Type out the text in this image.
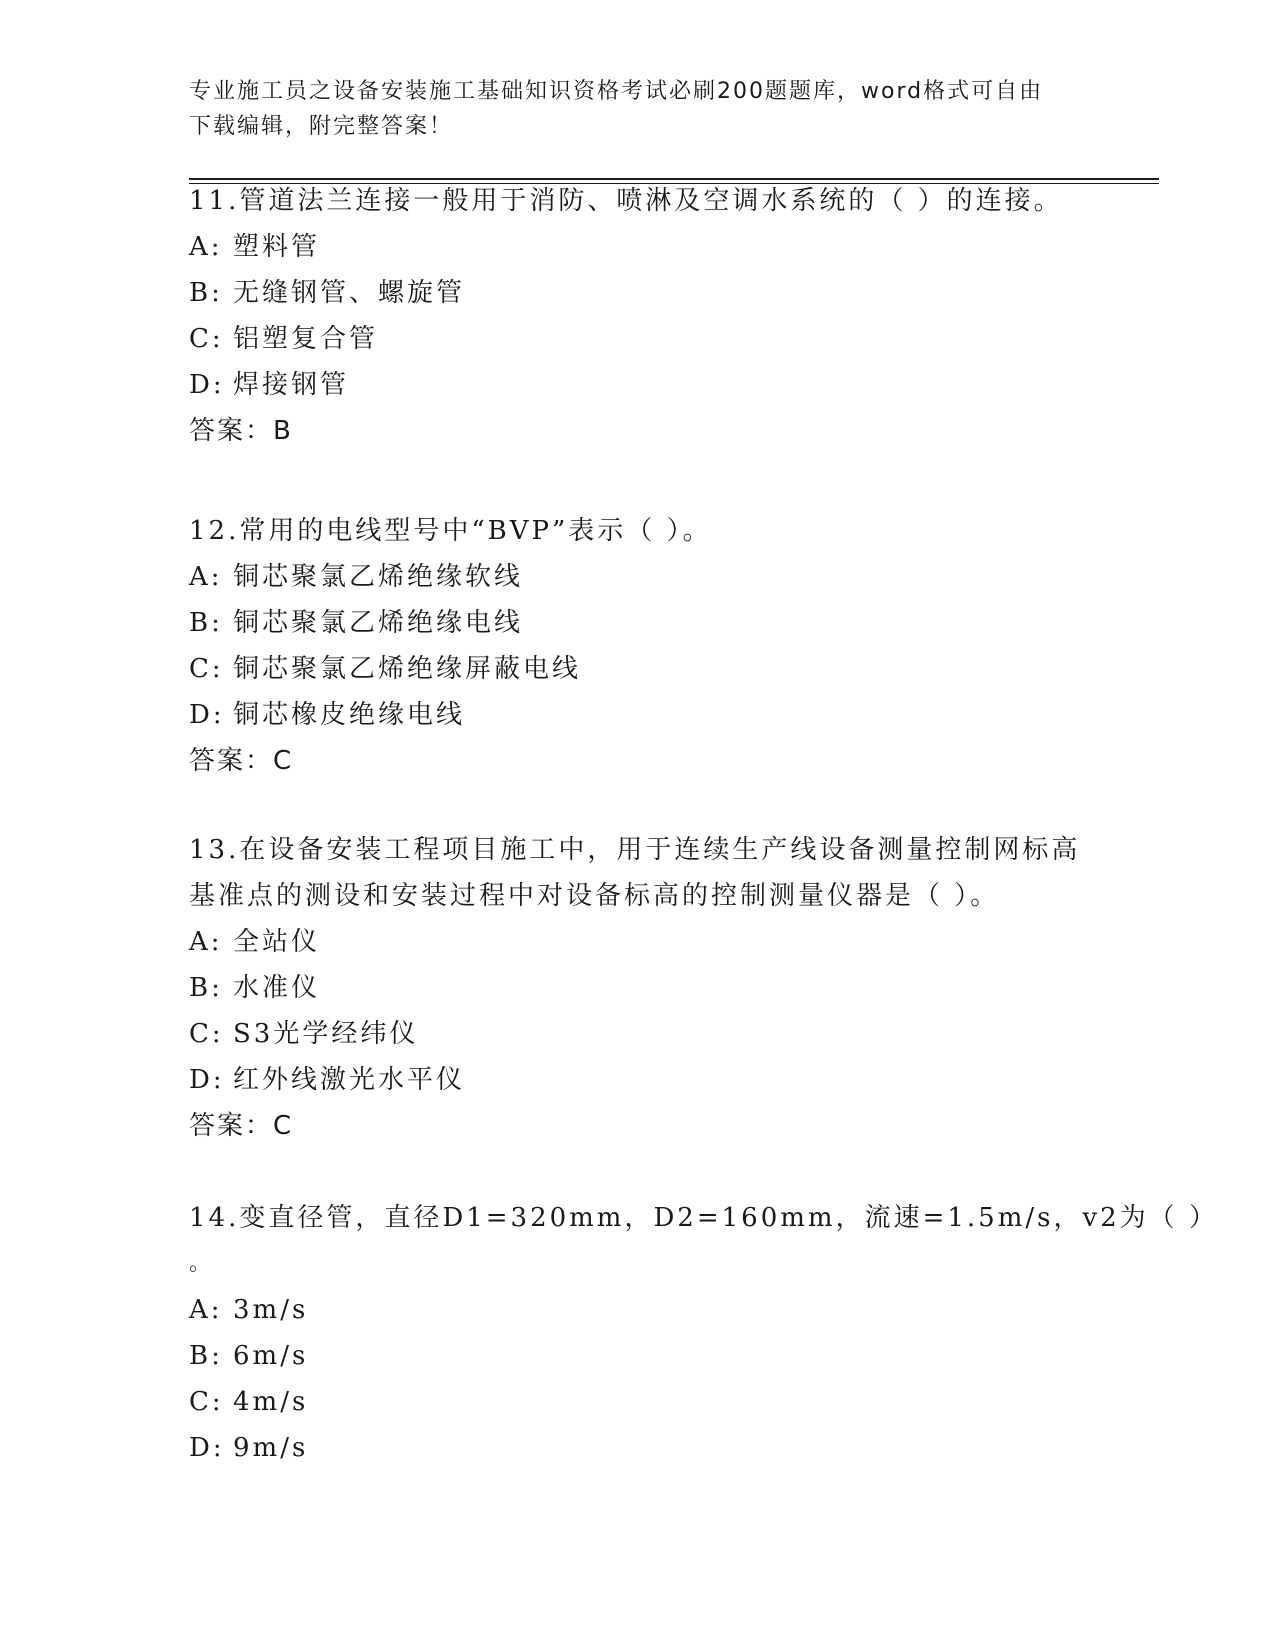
专业施工员之设备安装施工基础知识资格考试必刷200题题库，word格式可自由
下载编辑，附完整答案！
11.管道法兰连接一般用于消防、喷淋及空调水系统的（ ）的连接。
A: 塑料管
B: 无缝钢管、螺旋管
C: 铝塑复合管
D: 焊接钢管
答案：B
12.常用的电线型号中“BVP”表示（ ）。
A: 铜芯聚氯乙烯绝缘软线
B: 铜芯聚氯乙烯绝缘电线
C: 铜芯聚氯乙烯绝缘屏蔽电线
D: 铜芯橡皮绝缘电线
答案：C
13.在设备安装工程项目施工中，用于连续生产线设备测量控制网标高
基准点的测设和安装过程中对设备标高的控制测量仪器是（ ）。
A: 全站仪
B: 水准仪
C: S3光学经纬仪
D: 红外线激光水平仪
答案：C
14.变直径管，直径D1=320mm，D2=160mm，流速=1.5m/s，v2为（ ）
。
A: 3m/s
B: 6m/s
C: 4m/s
D: 9m/s
